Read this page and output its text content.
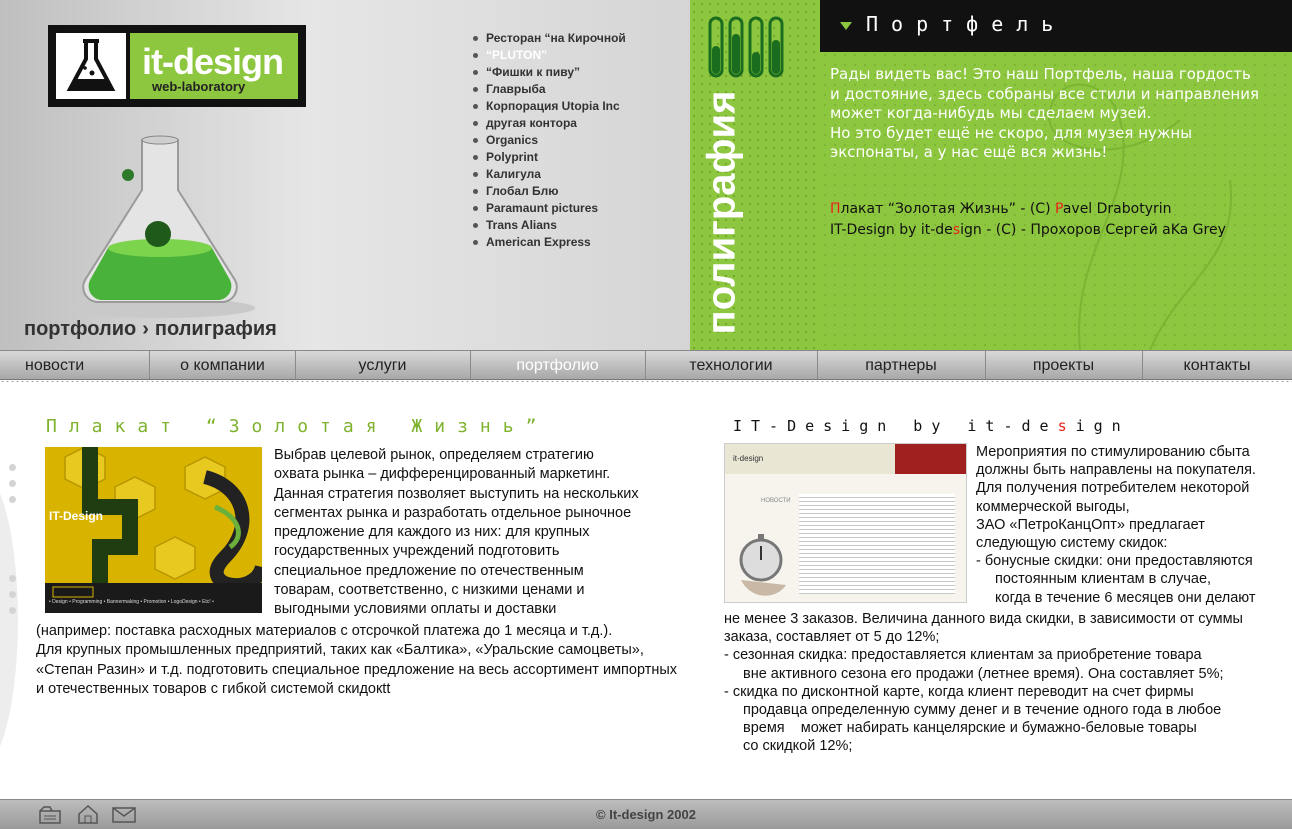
it-design
web-laboratory
Ресторан “на Кирочной
“PLUTON”
“Фишки к пиву”
Главрыба
Корпорация Utopia Inc
другая контора
Organics
Polyprint
Калигула
Глобал Блю
Paramaunt pictures
Trans Alians
American Express
портфолио › полиграфия	полиграфия
Портфель

Рады видеть вас! Это наш Портфель, наша гордость

и достояние, здесь собраны все стили и направления

может когда-нибудь мы сделаем музей.

Но это будет ещё не скоро, для музея нужны

экспонаты, а у нас ещё вся жизнь!

Плакат “Золотая Жизнь” - (C) Pavel Drabotyrin
IT-Design by it-design - (C) - Прохоров Сергей aKa Grey
новости	о компании	услуги	портфолио	технологии	партнеры	проекты	контакты
Плакат “Золотая Жизнь”
IT-Design
• Design • Programming • Bannermaking • Promotion • LogoDesign • Etc! •

Выбрав целевой рынок, определяем стратегию

охвата рынка – дифференцированный маркетинг.

Данная стратегия позволяет выступить на нескольких

сегментах рынка и разработать отдельное рыночное

предложение для каждого из них: для крупных

государственных учреждений подготовить

специальное предложение по отечественным

товарам, соответственно, с низкими ценами и

выгодными условиями оплаты и доставки

(например: поставка расходных материалов с отсрочкой платежа до 1 месяца и т.д.).

Для крупных промышленных предприятий, таких как «Балтика», «Уральские самоцветы»,

«Степан Разин» и т.д. подготовить специальное предложение на весь ассортимент импортных

и отечественных товаров с гибкой системой скидокtt

IT-Design by it-design
it-design
НОВОСТИ

Мероприятия по стимулированию сбыта

должны быть направлены на покупателя.

Для получения потребителем некоторой

коммерческой выгоды,

ЗАО «ПетроКанцОпт» предлагает

следующую систему скидок:

- бонусные скидки: они предоставляются

постоянным клиентам в случае,

когда в течение 6 месяцев они делают

не менее 3 заказов. Величина данного вида скидки, в зависимости от суммы

заказа, составляет от 5 до 12%;

- сезонная скидка: предоставляется клиентам за приобретение товара

вне активного сезона его продажи (летнее время). Она составляет 5%;

- скидка по дисконтной карте, когда клиент переводит на счет фирмы

продавца определенную сумму денег и в течение одного года в любое

время    может набирать канцелярские и бумажно-беловые товары

со скидкой 12%;

© It-design 2002
